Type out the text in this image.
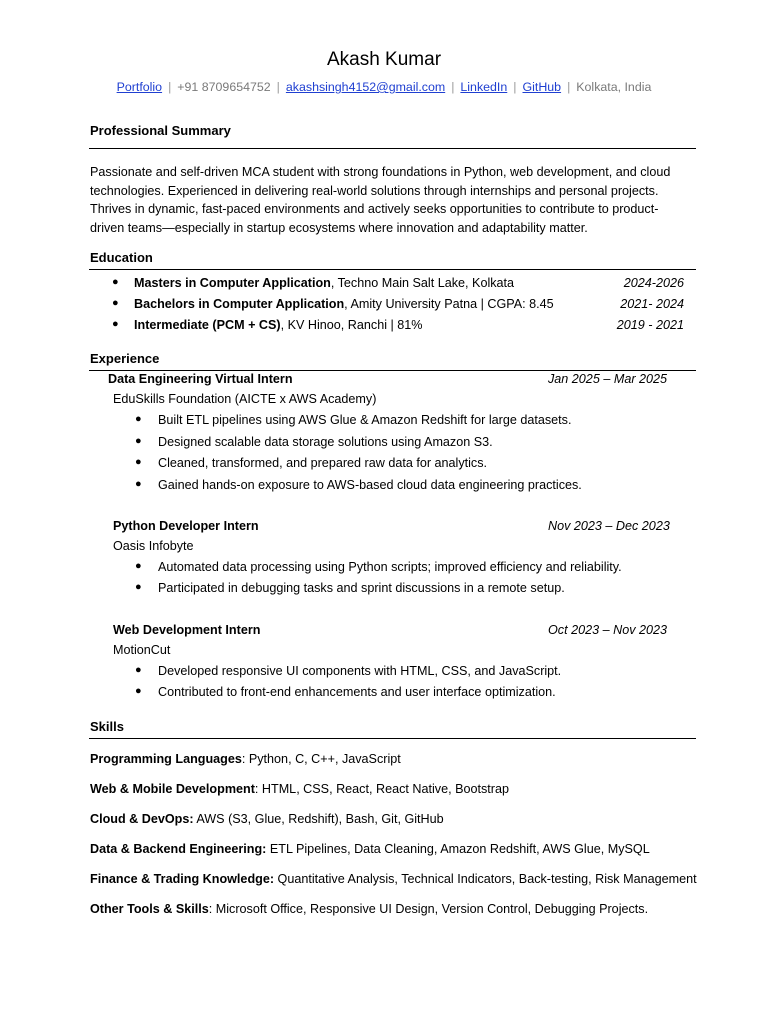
Akash Kumar
Portfolio | +91 8709654752 | akashsingh4152@gmail.com | LinkedIn | GitHub | Kolkata, India
Professional Summary
Passionate and self-driven MCA student with strong foundations in Python, web development, and cloud
technologies. Experienced in delivering real-world solutions through internships and personal projects.
Thrives in dynamic, fast-paced environments and actively seeks opportunities to contribute to product-
driven teams—especially in startup ecosystems where innovation and adaptability matter.
Education
● Masters in Computer Application, Techno Main Salt Lake, Kolkata	2024-2026
● Bachelors in Computer Application, Amity University Patna | CGPA: 8.45	2021- 2024
● Intermediate (PCM + CS), KV Hinoo, Ranchi | 81%	2019 - 2021
Experience
Data Engineering Virtual Intern	Jan 2025 – Mar 2025
EduSkills Foundation (AICTE x AWS Academy)
● Built ETL pipelines using AWS Glue & Amazon Redshift for large datasets.
● Designed scalable data storage solutions using Amazon S3.
● Cleaned, transformed, and prepared raw data for analytics.
● Gained hands-on exposure to AWS-based cloud data engineering practices.
Python Developer Intern	Nov 2023 – Dec 2023
Oasis Infobyte
● Automated data processing using Python scripts; improved efficiency and reliability.
● Participated in debugging tasks and sprint discussions in a remote setup.
Web Development Intern	Oct 2023 – Nov 2023
MotionCut
● Developed responsive UI components with HTML, CSS, and JavaScript.
● Contributed to front-end enhancements and user interface optimization.
Skills
Programming Languages: Python, C, C++, JavaScript
Web & Mobile Development: HTML, CSS, React, React Native, Bootstrap
Cloud & DevOps: AWS (S3, Glue, Redshift), Bash, Git, GitHub
Data & Backend Engineering: ETL Pipelines, Data Cleaning, Amazon Redshift, AWS Glue, MySQL
Finance & Trading Knowledge: Quantitative Analysis, Technical Indicators, Back-testing, Risk Management
Other Tools & Skills: Microsoft Office, Responsive UI Design, Version Control, Debugging Projects.
